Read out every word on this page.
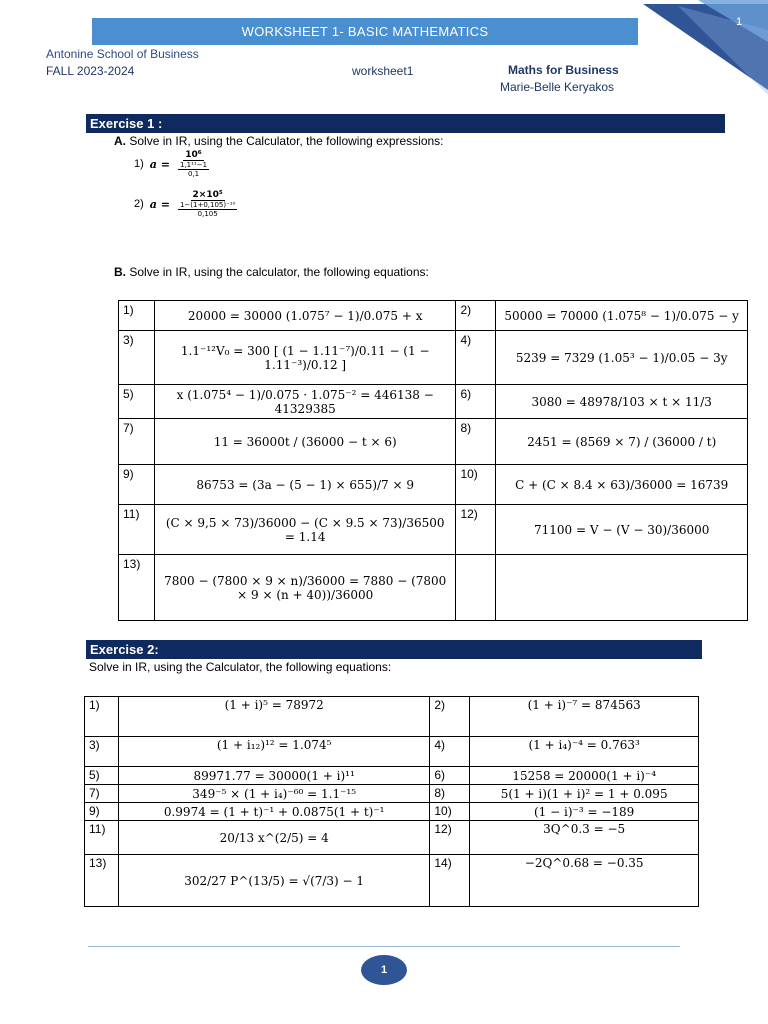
WORKSHEET 1- BASIC MATHEMATICS
1
Antonine School of Business
FALL 2023-2024	worksheet1	Maths for Business
Marie-Belle Keryakos
Exercise 1 :
A. Solve in IR, using the Calculator, the following expressions:
1) $a = \frac{\text{10⁶}}{\frac{\text{1,1¹¹−1}}{0,1}}$
2) $a = \frac{\text{2×10⁵}}{\frac{\text{1−(1+0,105)⁻¹⁰}}{0,105}}$
B. Solve in IR, using the calculator, the following equations:
1)	20000 = 30000 (1.075⁷ − 1)/0.075 + x	2)	50000 = 70000 (1.075⁸ − 1)/0.075 − y
3)	1.1⁻¹²V₀ = 300 [ (1 − 1.11⁻⁷)/0.11 − (1 − 1.11⁻³)/0.12 ]	4)	5239 = 7329 (1.05³ − 1)/0.05 − 3y
5)	x (1.075⁴ − 1)/0.075 · 1.075⁻² = 446138 − 41329385	6)	3080 = 48978/103 × t × 11/3
7)	11 = 36000t / (36000 − t × 6)	8)	2451 = (8569 × 7) / (36000 / t)
9)	86753 = (3a − (5 − 1) × 655)/7 × 9	10)	C + (C × 8.4 × 63)/36000 = 16739
11)	(C × 9,5 × 73)/36000 − (C × 9.5 × 73)/36500 = 1.14	12)	71100 = V − (V − 30)/36000
13)	7800 − (7800 × 9 × n)/36000 = 7880 − (7800 × 9 × (n + 40))/36000		
Exercise 2:
Solve in IR, using the Calculator, the following equations:
1)	(1 + i)⁵ = 78972	2)	(1 + i)⁻⁷ = 874563
3)	(1 + i₁₂)¹² = 1.074⁵	4)	(1 + i₄)⁻⁴ = 0.763³
5)	89971.77 = 30000(1 + i)¹¹	6)	15258 = 20000(1 + i)⁻⁴
7)	349⁻⁵ × (1 + i₄)⁻⁶⁰ = 1.1⁻¹⁵	8)	5(1 + i)(1 + i)² = 1 + 0.095
9)	0.9974 = (1 + t)⁻¹ + 0.0875(1 + t)⁻¹	10)	(1 − i)⁻³ = −189
11)	20/13 x^(2/5) = 4	12)	3Q^0.3 = −5
13)	302/27 P^(13/5) = √(7/3) − 1	14)	−2Q^0.68 = −0.35
1
